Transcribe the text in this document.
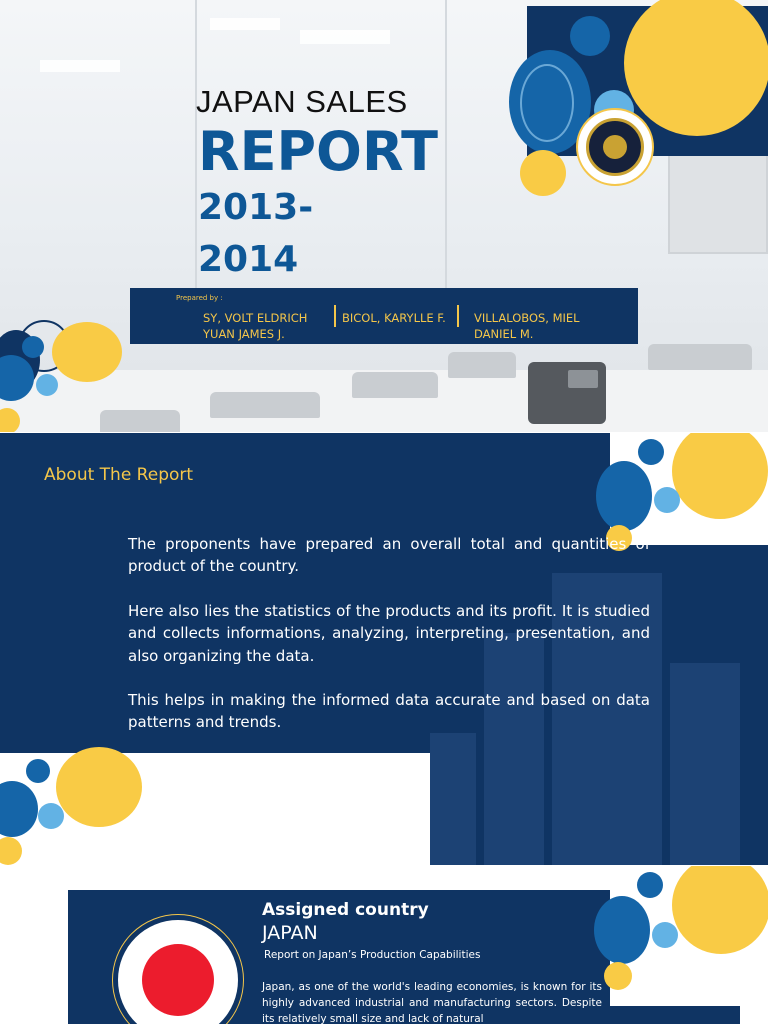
JAPAN SALES
REPORT
2013-2014
Prepared by :
SY, VOLT ELDRICH YUAN JAMES J.
BICOL, KARYLLE F.	VILLALOBOS, MIEL DANIEL M.
About The Report

The proponents have prepared an overall total and quantities of product of the country.

Here also lies the statistics of the products and its profit. It is studied and collects informations, analyzing, interpreting, presentation, and also organizing the data.

This helps in making the informed data accurate and based on data patterns and trends.

Assigned country
JAPAN
Report on Japan’s Production Capabilities
Japan, as one of the world's leading economies, is known for its highly advanced industrial and manufacturing sectors. Despite its relatively small size and lack of natural
